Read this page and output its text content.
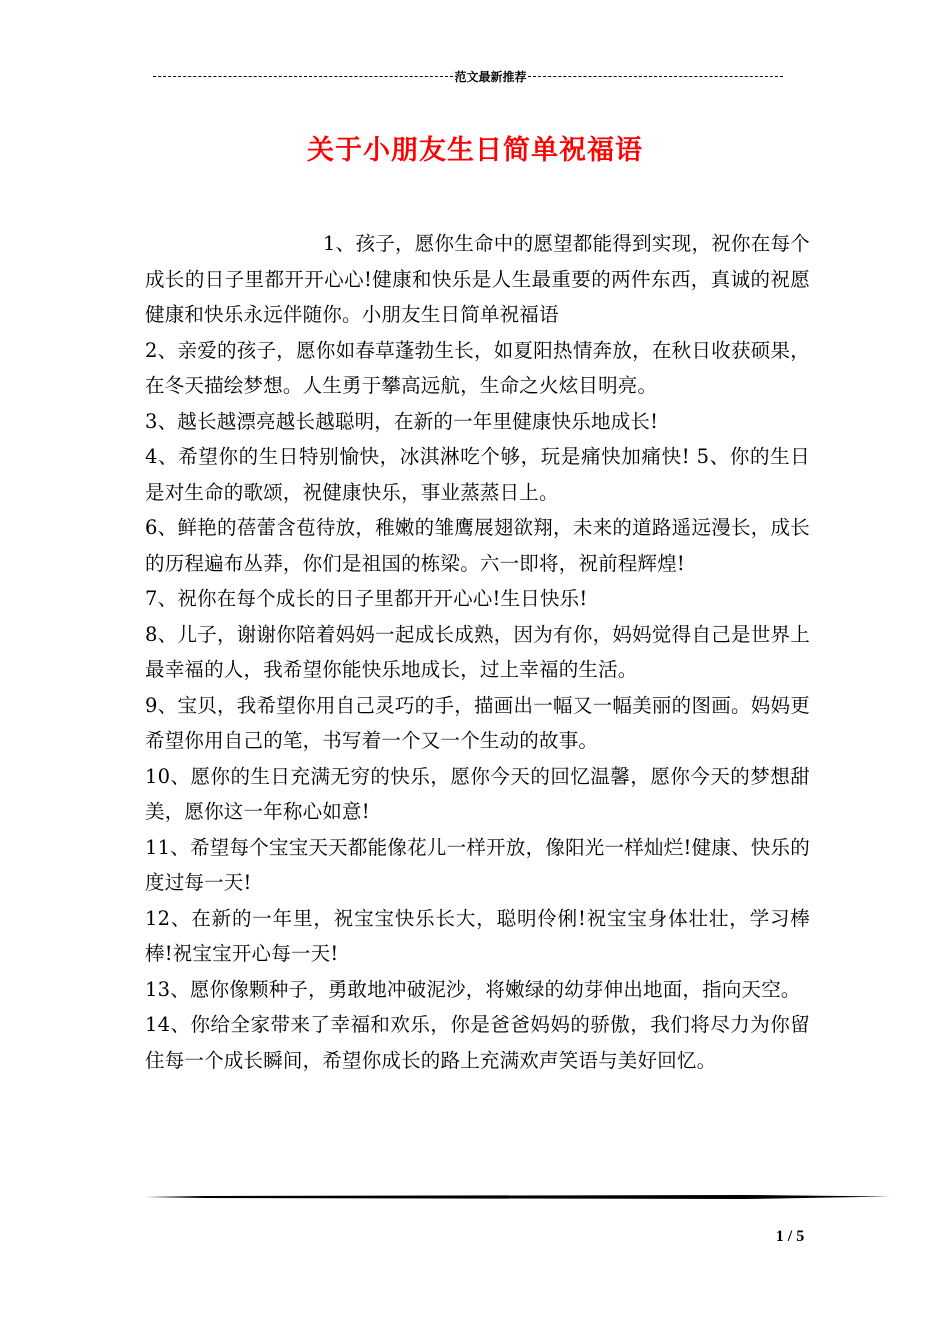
范文最新推荐
关于小朋友生日简单祝福语

1、孩子，愿你生命中的愿望都能得到实现，祝你在每个成长的日子里都开开心心!健康和快乐是人生最重要的两件东西，真诚的祝愿健康和快乐永远伴随你。小朋友生日简单祝福语

2、亲爱的孩子，愿你如春草蓬勃生长，如夏阳热情奔放，在秋日收获硕果，在冬天描绘梦想。人生勇于攀高远航，生命之火炫目明亮。

3、越长越漂亮越长越聪明，在新的一年里健康快乐地成长!

4、希望你的生日特别愉快，冰淇淋吃个够，玩是痛快加痛快! 5、你的生日是对生命的歌颂，祝健康快乐，事业蒸蒸日上。

6、鲜艳的蓓蕾含苞待放，稚嫩的雏鹰展翅欲翔，未来的道路遥远漫长，成长的历程遍布丛莽，你们是祖国的栋梁。六一即将，祝前程辉煌!

7、祝你在每个成长的日子里都开开心心!生日快乐!

8、儿子，谢谢你陪着妈妈一起成长成熟，因为有你，妈妈觉得自己是世界上最幸福的人，我希望你能快乐地成长，过上幸福的生活。

9、宝贝，我希望你用自己灵巧的手，描画出一幅又一幅美丽的图画。妈妈更希望你用自己的笔，书写着一个又一个生动的故事。

10、愿你的生日充满无穷的快乐，愿你今天的回忆温馨，愿你今天的梦想甜美，愿你这一年称心如意!

11、希望每个宝宝天天都能像花儿一样开放，像阳光一样灿烂!健康、快乐的度过每一天!

12、在新的一年里，祝宝宝快乐长大，聪明伶俐!祝宝宝身体壮壮，学习棒棒!祝宝宝开心每一天!

13、愿你像颗种子，勇敢地冲破泥沙，将嫩绿的幼芽伸出地面，指向天空。

14、你给全家带来了幸福和欢乐，你是爸爸妈妈的骄傲，我们将尽力为你留住每一个成长瞬间，希望你成长的路上充满欢声笑语与美好回忆。

1 / 5
